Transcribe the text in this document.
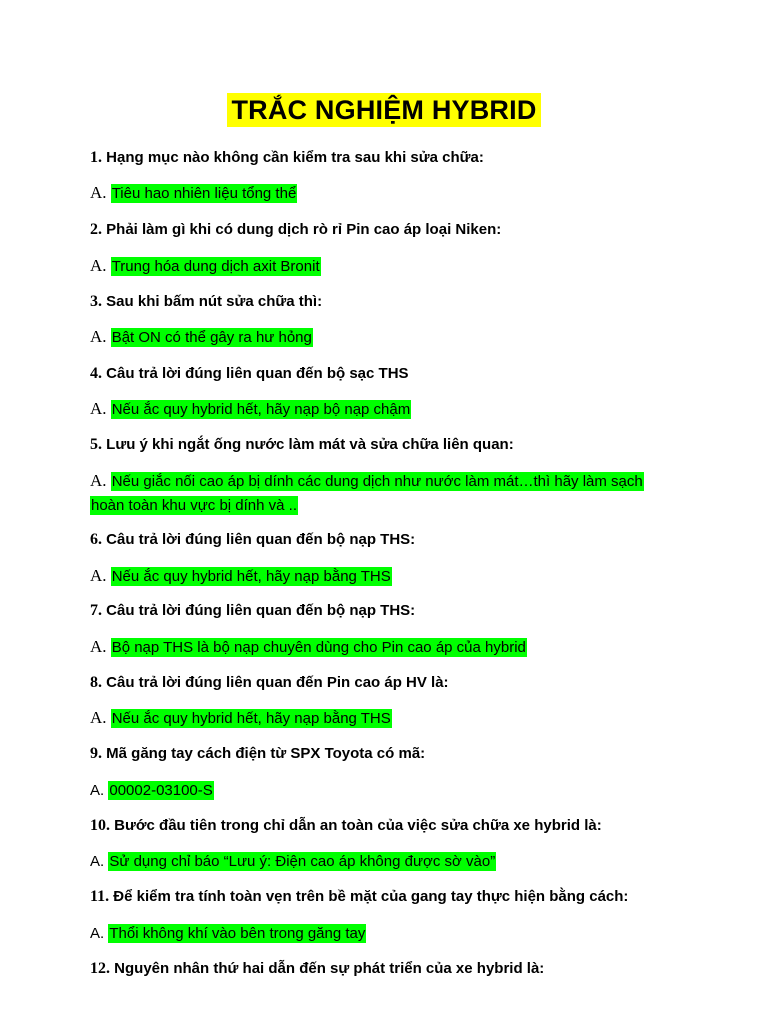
TRẮC NGHIỆM HYBRID

1. Hạng mục nào không cần kiểm tra sau khi sửa chữa:

A. Tiêu hao nhiên liệu tổng thể

2. Phải làm gì khi có dung dịch rò rỉ Pin cao áp loại Niken:

A. Trung hóa dung dịch axit Bronit

3. Sau khi bấm nút sửa chữa thì:

A. Bật ON có thể gây ra hư hỏng

4. Câu trả lời đúng liên quan đến bộ sạc THS

A. Nếu ắc quy hybrid hết, hãy nạp bộ nạp chậm

5. Lưu ý khi ngắt ống nước làm mát và sửa chữa liên quan:

A. Nếu giắc nối cao áp bị dính các dung dịch như nước làm mát…thì hãy làm sạch
hoàn toàn khu vực bị dính và ..

6. Câu trả lời đúng liên quan đến bộ nạp THS:

A. Nếu ắc quy hybrid hết, hãy nạp bằng THS

7. Câu trả lời đúng liên quan đến bộ nạp THS:

A. Bộ nạp THS là bộ nạp chuyên dùng cho Pin cao áp của hybrid

8. Câu trả lời đúng liên quan đến Pin cao áp HV là:

A. Nếu ắc quy hybrid hết, hãy nạp bằng THS

9. Mã găng tay cách điện từ SPX Toyota có mã:

A. 00002-03100-S

10. Bước đầu tiên trong chỉ dẫn an toàn của việc sửa chữa xe hybrid là:

A. Sử dụng chỉ báo “Lưu ý: Điện cao áp không được sờ vào”

11. Để kiểm tra tính toàn vẹn trên bề mặt của gang tay thực hiện bằng cách:

A. Thổi không khí vào bên trong găng tay

12. Nguyên nhân thứ hai dẫn đến sự phát triển của xe hybrid là:
